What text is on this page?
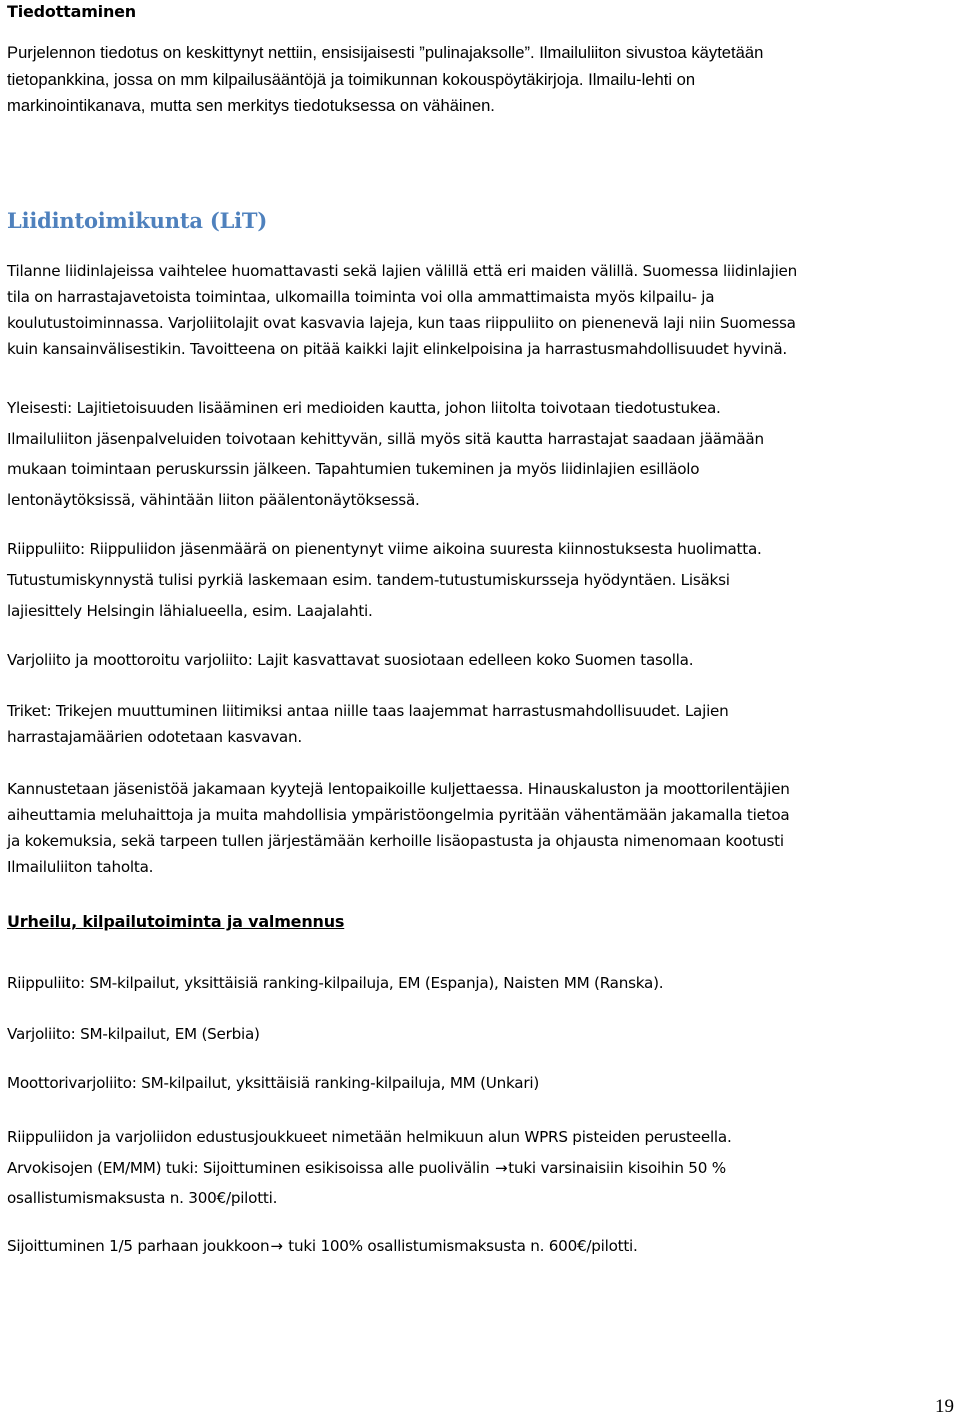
Tiedottaminen
Purjelennon tiedotus on keskittynyt nettiin, ensisijaisesti ”pulinajaksolle”. Ilmailuliiton sivustoa käytetään
tietopankkina, jossa on mm kilpailusääntöjä ja toimikunnan kokouspöytäkirjoja. Ilmailu-lehti on
markinointikanava, mutta sen merkitys tiedotuksessa on vähäinen.
Liidintoimikunta (LiT)
Tilanne liidinlajeissa vaihtelee huomattavasti sekä lajien välillä että eri maiden välillä. Suomessa liidinlajien
tila on harrastajavetoista toimintaa, ulkomailla toiminta voi olla ammattimaista myös kilpailu- ja
koulutustoiminnassa. Varjoliitolajit ovat kasvavia lajeja, kun taas riippuliito on pienenevä laji niin Suomessa
kuin kansainvälisestikin. Tavoitteena on pitää kaikki lajit elinkelpoisina ja harrastusmahdollisuudet hyvinä.
Yleisesti: Lajitietoisuuden lisääminen eri medioiden kautta, johon liitolta toivotaan tiedotustukea.
Ilmailuliiton jäsenpalveluiden toivotaan kehittyvän, sillä myös sitä kautta harrastajat saadaan jäämään
mukaan toimintaan peruskurssin jälkeen. Tapahtumien tukeminen ja myös liidinlajien esilläolo
lentonäytöksissä, vähintään liiton päälentonäytöksessä.
Riippuliito: Riippuliidon jäsenmäärä on pienentynyt viime aikoina suuresta kiinnostuksesta huolimatta.
Tutustumiskynnystä tulisi pyrkiä laskemaan esim. tandem-tutustumiskursseja hyödyntäen. Lisäksi
lajiesittely Helsingin lähialueella, esim. Laajalahti.
Varjoliito ja moottoroitu varjoliito: Lajit kasvattavat suosiotaan edelleen koko Suomen tasolla.
Triket: Trikejen muuttuminen liitimiksi antaa niille taas laajemmat harrastusmahdollisuudet. Lajien
harrastajamäärien odotetaan kasvavan.
Kannustetaan jäsenistöä jakamaan kyytejä lentopaikoille kuljettaessa. Hinauskaluston ja moottorilentäjien
aiheuttamia meluhaittoja ja muita mahdollisia ympäristöongelmia pyritään vähentämään jakamalla tietoa
ja kokemuksia, sekä tarpeen tullen järjestämään kerhoille lisäopastusta ja ohjausta nimenomaan kootusti
Ilmailuliiton taholta.
Urheilu, kilpailutoiminta ja valmennus
Riippuliito: SM-kilpailut, yksittäisiä ranking-kilpailuja, EM (Espanja), Naisten MM (Ranska).
Varjoliito: SM-kilpailut, EM (Serbia)
Moottorivarjoliito: SM-kilpailut, yksittäisiä ranking-kilpailuja, MM (Unkari)
Riippuliidon ja varjoliidon edustusjoukkueet nimetään helmikuun alun WPRS pisteiden perusteella.
Arvokisojen (EM/MM) tuki: Sijoittuminen esikisoissa alle puolivälin →tuki varsinaisiin kisoihin 50 %
osallistumismaksusta n. 300€/pilotti.
Sijoittuminen 1/5 parhaan joukkoon→ tuki 100% osallistumismaksusta n. 600€/pilotti.
19
